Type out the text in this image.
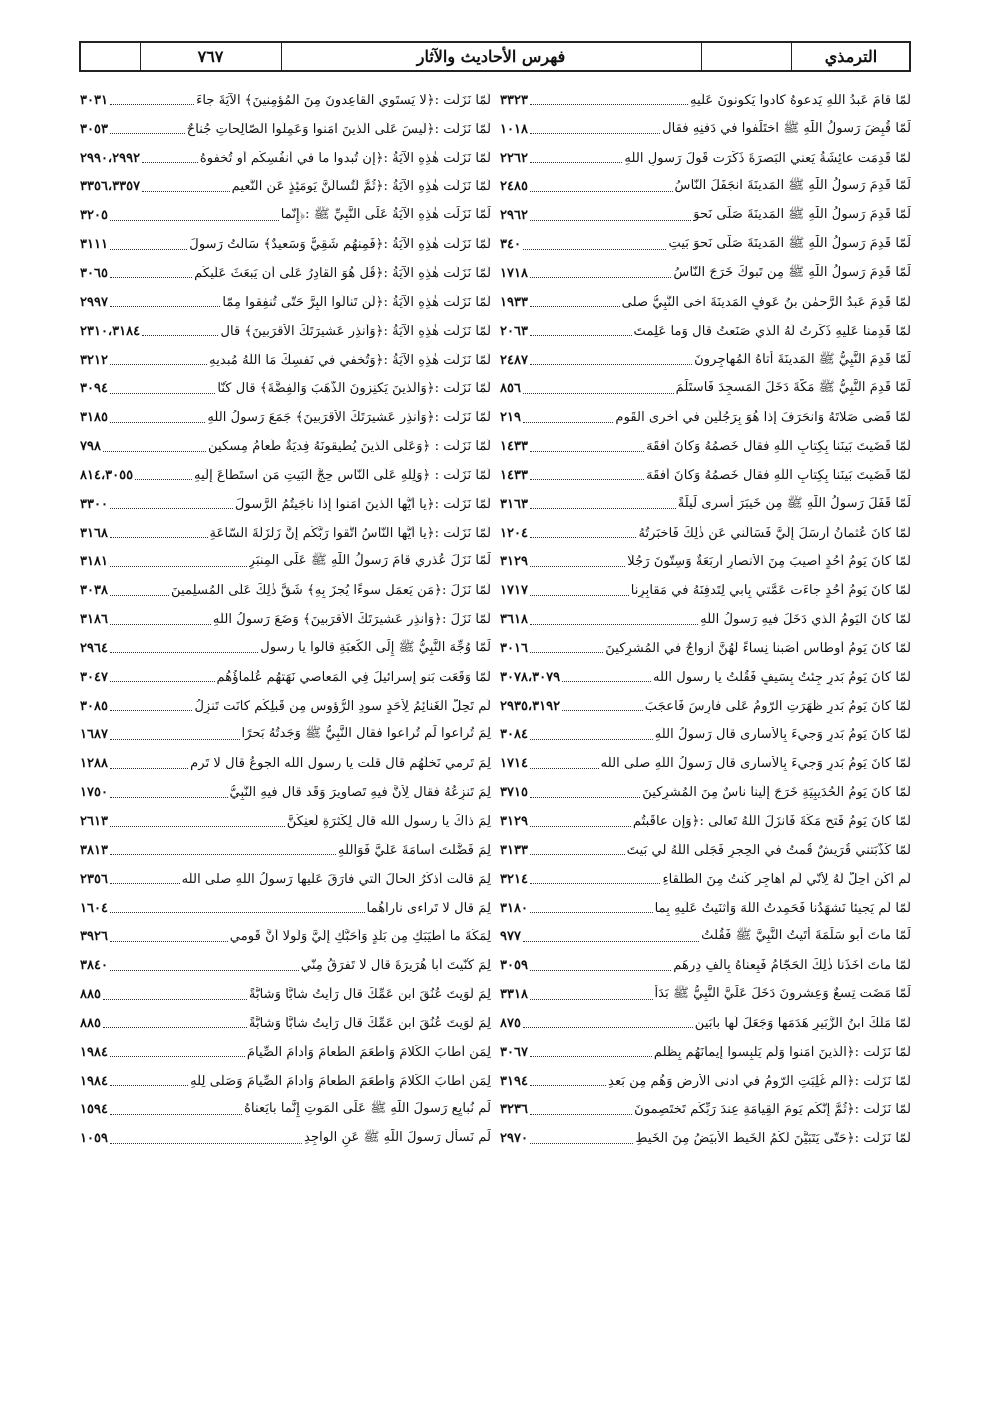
٧٦٧	فهرس الأحاديث والآثار	الترمذي
لَمّا قامَ عَبدُ اللّٰهِ يَدعوهُ كادوا يَكونونَ عَلَيهِ
٣٣٢٣
لَمّا قُبِضَ رَسولُ اللّٰهِ ﷺ اختَلَفوا في دَفنِهِ فقال
١٠١٨
لَمّا قَدِمَت عائِشَةُ يَعني البَصرَةَ ذَكَرَت قَولَ رَسولِ اللّٰهِ
٢٢٦٢
لَمّا قَدِمَ رَسولُ اللّٰهِ ﷺ المَدينَةَ انجَفَلَ النّاسُ
٢٤٨٥
لَمّا قَدِمَ رَسولُ اللّٰهِ ﷺ المَدينَةَ صَلّى نَحوَ
٢٩٦٢
لَمّا قَدِمَ رَسولُ اللّٰهِ ﷺ المَدينَةَ صَلّى نَحوَ بَيتِ
٣٤٠
لَمّا قَدِمَ رَسولُ اللّٰهِ ﷺ مِن تَبوكَ خَرَجَ النّاسُ
١٧١٨
لَمّا قَدِمَ عَبدُ الرَّحمٰنِ بنُ عَوفٍ المَدينَةَ آخى النَّبِيُّ صلى
١٩٣٣
لَمّا قَدِمنا عَلَيهِ ذَكَرتُ لَهُ الَّذي صَنَعتُ قال وَما عَلِمتَ
٢٠٦٣
لَمّا قَدِمَ النَّبِيُّ ﷺ المَدينَةَ أَتاهُ المُهاجِرونَ
٢٤٨٧
لَمّا قَدِمَ النَّبِيُّ ﷺ مَكَّةَ دَخَلَ المَسجِدَ فَاستَلَمَ
٨٥٦
لَمّا قَضى صَلاتَهُ وَانحَرَفَ إِذا هُوَ بِرَجُلَينِ في أُخرى القَومِ
٢١٩
لَمّا قَضَيتَ بَينَنا بِكِتابِ اللّٰهِ فقال خَصمُهُ وَكانَ أَفقَهَ
١٤٣٣
لَمّا قَضَيتَ بَينَنا بِكِتابِ اللّٰهِ فقال خَصمُهُ وَكانَ أَفقَهَ
١٤٣٣
لَمّا قَفَلَ رَسولُ اللّٰهِ ﷺ مِن خَيبَرَ أَسرى لَيلَةً
٣١٦٣
لَمّا كانَ عُثمانُ أَرسَلَ إِلَيَّ فَسَأَلَني عَن ذٰلِكَ فَأَخبَرتُهُ
١٢٠٤
لَمّا كانَ يَومُ أُحُدٍ أُصيبَ مِنَ الأَنصارِ أَربَعَةٌ وَسِتّونَ رَجُلًا
٣١٢٩
لَمّا كانَ يَومُ أُحُدٍ جاءَت عَمَّتي بِأَبي لِتَدفِنَهُ في مَقابِرِنا
١٧١٧
لَمّا كانَ اليَومُ الَّذي دَخَلَ فيهِ رَسولُ اللّٰهِ
٣٦١٨
لَمّا كانَ يَومُ أَوطاسٍ أَصَبنا نِساءً لَهُنَّ أَزواجٌ في المُشرِكينَ
٣٠١٦
لَمّا كانَ يَومُ بَدرٍ جِئتُ بِسَيفٍ فَقُلتُ يا رسول اللّٰه
٣٠٧٨،٣٠٧٩
لَمّا كانَ يَومُ بَدرٍ ظَهَرَتِ الرّومُ عَلى فارِسَ فَأَعجَبَ
٢٩٣٥،٣١٩٢
لَمّا كانَ يَومُ بَدرٍ وَجيءَ بِالأَسارى قال رَسولُ اللّٰهِ
٣٠٨٤
لَمّا كانَ يَومُ بَدرٍ وَجيءَ بِالأُسارى قال رَسولُ اللّٰهِ صلى اللّٰه
١٧١٤
لَمّا كانَ يَومُ الحُدَيبِيَةِ خَرَجَ إِلَينا ناسٌ مِنَ المُشرِكينَ
٣٧١٥
لَمّا كانَ يَومُ فَتحِ مَكَّةَ فَأَنزَلَ اللّٰهُ تَعالى :﴿وَإِن عاقَبتُم
٣١٢٩
لَمّا كَذَّبَتني قُرَيشٌ قُمتُ في الحِجرِ فَجَلّى اللّٰهُ لي بَيتَ
٣١٣٣
لَم أَكُن أَحِلُّ لَهُ لِأَنّي لَم أُهاجِر كُنتُ مِنَ الطُّلَقاءِ
٣٢١٤
لَمّا لَم يَجيئا نَشهَدُنا فَحَمِدتُ اللّٰهَ وَأَثنَيتُ عَلَيهِ بِما
٣١٨٠
لَمّا ماتَ أَبو سَلَمَةَ أَتَيتُ النَّبِيَّ ﷺ فَقُلتُ
٩٧٧
لَمّا ماتَ أَخَذَنا ذٰلِكَ الحَجّامُ فَبِعناهُ بِأَلفِ دِرهَمٍ
٣٠٥٩
لَمّا مَضَت تِسعٌ وَعِشرونَ دَخَلَ عَلَيَّ النَّبِيُّ ﷺ بَدَأَ
٣٣١٨
لَمّا مَلَكَ ابنُ الزُّبَيرِ هَدَمَها وَجَعَلَ لَها بابَينِ
٨٧٥
لَمّا نَزَلَت :﴿الَّذينَ آمَنوا وَلَم يَلبِسوا إيمانَهُم بِظُلمٍ
٣٠٦٧
لَمّا نَزَلَت :﴿الم غُلِبَتِ الرّومُ في أَدنى الأَرضِ وَهُم مِن بَعدِ
٣١٩٤
لَمّا نَزَلَت :﴿ثُمَّ إِنَّكُم يَومَ القِيامَةِ عِندَ رَبِّكُم تَختَصِمونَ
٣٢٣٦
لَمّا نَزَلَت :﴿حَتّى يَتَبَيَّنَ لَكُمُ الخَيطُ الأَبيَضُ مِنَ الخَيطِ
٢٩٧٠
لَمّا نَزَلَت :﴿لا يَستَوي القاعِدونَ مِنَ المُؤمِنينَ﴾ الآيَةَ جاءَ
٣٠٣١
لَمّا نَزَلَت :﴿لَيسَ عَلَى الَّذينَ آمَنوا وَعَمِلُوا الصّالِحاتِ جُناحٌ
٣٠٥٣
لَمّا نَزَلَت هٰذِهِ الآيَةُ :﴿إِن تُبدوا ما في أَنفُسِكُم أَو تُخفوهُ
٢٩٩٠،٢٩٩٢
لَمّا نَزَلَت هٰذِهِ الآيَةُ :﴿ثُمَّ لَتُسأَلُنَّ يَومَئِذٍ عَنِ النَّعيمِ
٣٣٥٦،٣٣٥٧
لَمّا نَزَلَت هٰذِهِ الآيَةُ عَلَى النَّبِيِّ ﷺ :﴿إِنّما
٣٢٠٥
لَمّا نَزَلَت هٰذِهِ الآيَةُ :﴿فَمِنهُم شَقِيٌّ وَسَعيدٌ﴾ سَأَلتُ رَسولَ
٣١١١
لَمّا نَزَلَت هٰذِهِ الآيَةُ :﴿قُل هُوَ القادِرُ عَلى أَن يَبعَثَ عَلَيكُم
٣٠٦٥
لَمّا نَزَلَت هٰذِهِ الآيَةُ :﴿لَن تَنالُوا البِرَّ حَتّى تُنفِقوا مِمّا
٢٩٩٧
لَمّا نَزَلَت هٰذِهِ الآيَةُ :﴿وَأَنذِر عَشيرَتَكَ الأَقرَبينَ﴾ قال
٢٣١٠،٣١٨٤
لَمّا نَزَلَت هٰذِهِ الآيَةُ :﴿وَتُخفي في نَفسِكَ مَا اللّٰهُ مُبديهِ
٣٢١٢
لَمّا نَزَلَت :﴿وَالَّذينَ يَكنِزونَ الذَّهَبَ وَالفِضَّةَ﴾ قال كُنّا
٣٠٩٤
لَمّا نَزَلَت :﴿وَأَنذِر عَشيرَتَكَ الأَقرَبينَ﴾ جَمَعَ رَسولُ اللّٰهِ
٣١٨٥
لَمّا نَزَلَت : ﴿وَعَلَى الَّذينَ يُطيقونَهُ فِديَةٌ طَعامُ مِسكينٍ
٧٩٨
لَمّا نَزَلَت : ﴿وَلِلّٰهِ عَلَى النّاسِ حِجُّ البَيتِ مَنِ استَطاعَ إِلَيهِ
٨١٤،٣٠٥٥
لَمّا نَزَلَت :﴿يا أَيُّها الَّذينَ آمَنوا إِذا ناجَيتُمُ الرَّسولَ
٣٣٠٠
لَمّا نَزَلَت :﴿يا أَيُّها النّاسُ اتَّقوا رَبَّكُم إِنَّ زَلزَلَةَ السّاعَةِ
٣١٦٨
لَمّا نَزَلَ عُذري قامَ رَسولُ اللّٰهِ ﷺ عَلَى المِنبَرِ
٣١٨١
لَمّا نَزَلَ :﴿مَن يَعمَل سوءًا يُجزَ بِهِ﴾ شَقَّ ذٰلِكَ عَلَى المُسلِمينَ
٣٠٣٨
لَمّا نَزَلَ :﴿وَأَنذِر عَشيرَتَكَ الأَقرَبينَ﴾ وَضَعَ رَسولُ اللّٰهِ
٣١٨٦
لَمّا وُجِّهَ النَّبِيُّ ﷺ إِلَى الكَعبَةِ قالوا يا رسول
٢٩٦٤
لَمّا وَقَعَت بَنو إِسرائيلَ فِي المَعاصي نَهَتهُم عُلَماؤُهُم
٣٠٤٧
لَم تَحِلَّ الغَنائِمُ لِأَحَدٍ سودِ الرُّؤوسِ مِن قَبلِكُم كانَت تَنزِلُ
٣٠٨٥
لِمَ تُراعوا لَم تُراعوا فقال النَّبِيُّ ﷺ وَجَدتُهُ بَحرًا
١٦٨٧
لِمَ تَرمي نَخلَهُم قال قلت يا رسول اللّٰه الجوعُ قال لا تَرمِ
١٢٨٨
لِمَ تَنزِعُهُ فقال لِأَنَّ فيهِ تَصاويرَ وَقَد قال فيهِ النَّبِيُّ
١٧٥٠
لِمَ ذاكَ يا رسول اللّٰه قال لِكَثرَةِ لَعنِكُنَّ
٢٦١٣
لِمَ فَضَّلتَ أُسامَةَ عَلَيَّ فَوَاللّٰهِ
٣٨١٣
لِمَ قالَت أَذكُرُ الحالَ الَّتي فارَقَ عَلَيها رَسولُ اللّٰهِ صلى اللّٰه
٢٣٥٦
لِمَ قال لا تَراءى ناراهُما
١٦٠٤
لِمَكَّةَ ما أَطيَبَكِ مِن بَلَدٍ وَأَحَبَّكِ إِلَيَّ وَلَولا أَنَّ قَومي
٣٩٢٦
لِمَ كُنّيتَ أَبا هُرَيرَةَ قال لا تَفرَقُ مِنّي
٣٨٤٠
لِمَ لَوَيتَ عُنُقَ ابنِ عَمِّكَ قال رَأَيتُ شابًّا وَشابَّةً
٨٨٥
لِمَ لَوَيتَ عُنُقَ ابنِ عَمِّكَ قال رَأَيتُ شابًّا وَشابَّةً
٨٨٥
لِمَن أَطابَ الكَلامَ وَأَطعَمَ الطَّعامَ وَأَدامَ الصِّيامَ
١٩٨٤
لِمَن أَطابَ الكَلامَ وَأَطعَمَ الطَّعامَ وَأَدامَ الصِّيامَ وَصَلّى لِلّٰهِ
١٩٨٤
لَم نُبايِع رَسولَ اللّٰهِ ﷺ عَلَى المَوتِ إِنَّما بايَعناهُ
١٥٩٤
لَم نَسأَل رَسولَ اللّٰهِ ﷺ عَنِ الواجِدِ
١٠٥٩
